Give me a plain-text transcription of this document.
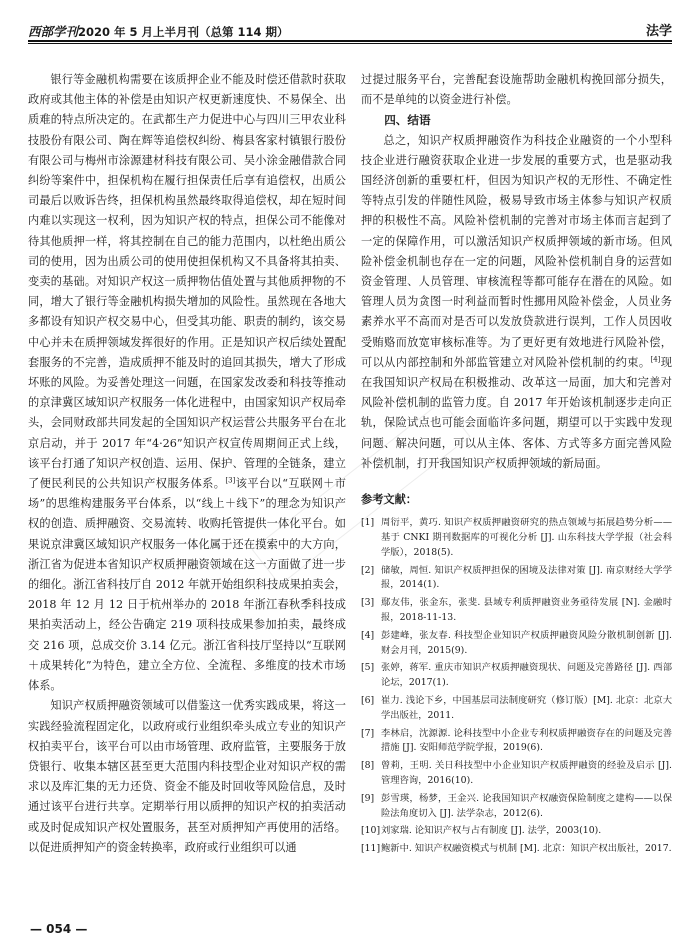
西部学刊2020 年 5 月上半月刊（总第 114 期）	法学

银行等金融机构需要在该质押企业不能及时偿还借款时获取政府或其他主体的补偿是由知识产权更新速度快、不易保全、出质难的特点所决定的。在武都生产力促进中心与四川三甲农业科技股份有限公司、陶在辉等追偿权纠纷、梅县客家村镇银行股份有限公司与梅州市涂源建材科技有限公司、吴小涂金融借款合同纠纷等案件中，担保机构在履行担保责任后享有追偿权，出质公司最后以败诉告终，担保机构虽然最终取得追偿权，却在短时间内难以实现这一权利，因为知识产权的特点，担保公司不能像对待其他质押一样，将其控制在自己的能力范围内，以杜绝出质公司的使用，因为出质公司的使用使担保机构又不具备将其拍卖、变卖的基础。对知识产权这一质押物估值处置与其他质押物的不同，增大了银行等金融机构损失增加的风险性。虽然现在各地大多都设有知识产权交易中心，但受其功能、职责的制约，该交易中心并未在质押领域发挥很好的作用。正是知识产权后续处置配套服务的不完善，造成质押不能及时的追回其损失，增大了形成坏账的风险。为妥善处理这一问题，在国家发改委和科技等推动的京津冀区域知识产权服务一体化进程中，由国家知识产权局牵头，会同财政部共同发起的全国知识产权运营公共服务平台在北京启动，并于 2017 年“4·26”知识产权宣传周期间正式上线，该平台打通了知识产权创造、运用、保护、管理的全链条，建立了便民利民的公共知识产权服务体系。[3]该平台以“互联网＋市场”的思维构建服务平台体系，以“线上＋线下”的理念为知识产权的创造、质押融资、交易流转、收购托管提供一体化平台。如果说京津冀区域知识产权服务一体化属于还在摸索中的大方向，浙江省为促进本省知识产权质押融资领域在这一方面做了进一步的细化。浙江省科技厅自 2012 年就开始组织科技成果拍卖会，2018 年 12 月 12 日于杭州举办的 2018 年浙江春秋季科技成果拍卖活动上，经公告确定 219 项科技成果参加拍卖，最终成交 216 项，总成交价 3.14 亿元。浙江省科技厅坚持以“互联网＋成果转化”为特色，建立全方位、全流程、多维度的技术市场体系。

知识产权质押融资领域可以借鉴这一优秀实践成果，将这一实践经验流程固定化，以政府或行业组织牵头成立专业的知识产权拍卖平台，该平台可以由市场管理、政府监管，主要服务于放贷银行、收集本辖区甚至更大范围内科技型企业对知识产权的需求以及库汇集的无力还贷、资金不能及时回收等风险信息，及时通过该平台进行共享。定期举行用以质押的知识产权的拍卖活动或及时促成知识产权处置服务，甚至对质押知产再使用的活络。以促进质押知产的资金转换率，政府或行业组织可以通

过提过服务平台，完善配套设施帮助金融机构挽回部分损失，而不是单纯的以资金进行补偿。

四、结语

总之，知识产权质押融资作为科技企业融资的一个小型科技企业进行融资获取企业进一步发展的重要方式，也是驱动我国经济创新的重要杠杆，但因为知识产权的无形性、不确定性等特点引发的伴随性风险，极易导致市场主体参与知识产权质押的积极性不高。风险补偿机制的完善对市场主体而言起到了一定的保障作用，可以激活知识产权质押领域的新市场。但风险补偿金机制也存在一定的问题，风险补偿机制自身的运营如资金管理、人员管理、审核流程等都可能存在潜在的风险。如管理人员为贪图一时利益而暂时性挪用风险补偿金，人员业务素养水平不高而对是否可以发放贷款进行误判，工作人员因收受贿赂而放宽审核标准等。为了更好更有效地进行风险补偿，可以从内部控制和外部监管建立对风险补偿机制的约束。[4]现在我国知识产权局在积极推动、改革这一局面，加大和完善对风险补偿机制的监管力度。自 2017 年开始该机制逐步走向正轨，保险试点也可能会面临许多问题，期望可以于实践中发现问题、解决问题，可以从主体、客体、方式等多方面完善风险补偿机制，打开我国知识产权质押领域的新局面。

参考文献：
[1] 周衍平，黄巧. 知识产权质押融资研究的热点领域与拓展趋势分析——基于 CNKI 期刊数据库的可视化分析 [J]. 山东科技大学学报（社会科学版），2018(5).
[2] 储敏，周恒. 知识产权质押担保的困境及法律对策 [J]. 南京财经大学学报，2014(1).
[3] 鄢友伟，张金东，张斐. 县域专利质押融资业务亟待发展 [N]. 金融时报，2018-11-13.
[4] 彭建峰，张友春. 科技型企业知识产权质押融资风险分散机制创新 [J]. 财会月刊，2015(9).
[5] 张婷，蒋军. 重庆市知识产权质押融资现状、问题及完善路径 [J]. 西部论坛，2017(1).
[6] 崔力. 浅论下乡，中国基层司法制度研究（修订版）[M]. 北京：北京大学出版社，2011.
[7] 李林启，沈源源. 论科技型中小企业专利权质押融资存在的问题及完善措施 [J]. 安阳师范学院学报，2019(6).
[8] 曾莉，王明. 关日科技型中小企业知识产权质押融资的经验及启示 [J]. 管理咨询，2016(10).
[9] 彭雪瑛，杨梦，王金兴. 论我国知识产权融资保险制度之建构——以保险法角度切入 [J]. 法学杂志，2012(6).
[10] 刘家瑞. 论知识产权与占有制度 [J]. 法学，2003(10).
[11] 鲍新中. 知识产权融资模式与机制 [M]. 北京：知识产权出版社，2017.
— 054 —
